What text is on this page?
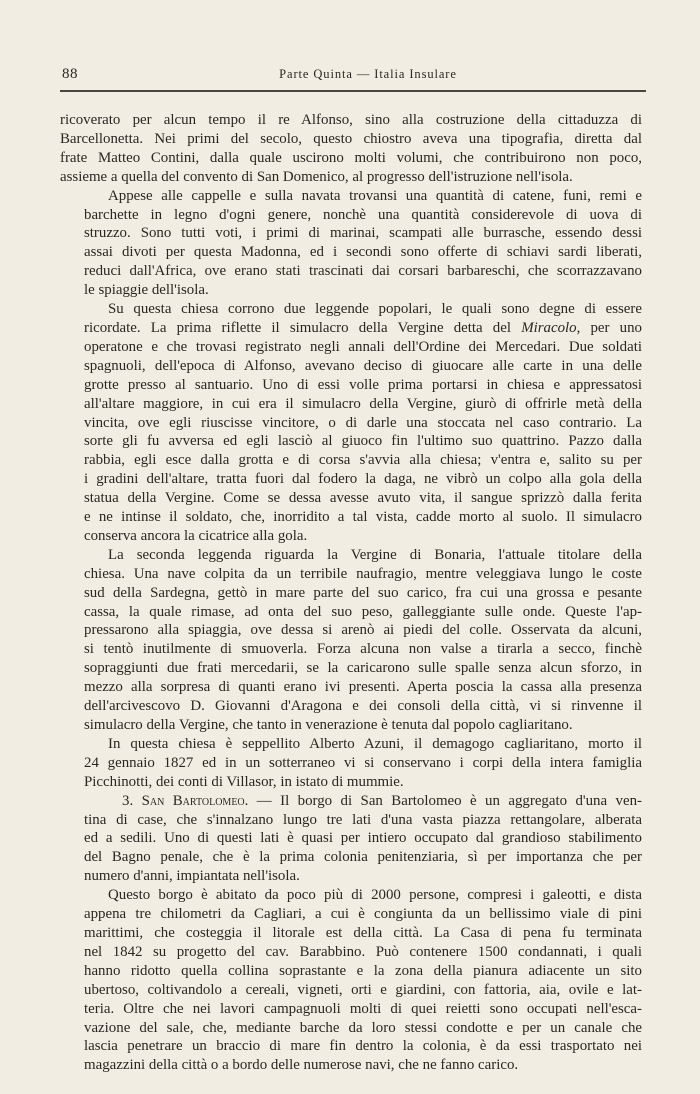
88	Parte Quinta — Italia Insulare

ricoverato per alcun tempo il re Alfonso, sino alla costruzione della cittaduzza di
Barcellonetta. Nei primi del secolo, questo chiostro aveva una tipografia, diretta dal
frate Matteo Contini, dalla quale uscirono molti volumi, che contribuirono non poco,
assieme a quella del convento di San Domenico, al progresso dell'istruzione nell'isola.

Appese alle cappelle e sulla navata trovansi una quantità di catene, funi, remi e
barchette in legno d'ogni genere, nonchè una quantità considerevole di uova di
struzzo. Sono tutti voti, i primi di marinai, scampati alle burrasche, essendo dessi
assai divoti per questa Madonna, ed i secondi sono offerte di schiavi sardi liberati,
reduci dall'Africa, ove erano stati trascinati dai corsari barbareschi, che scorrazzavano
le spiaggie dell'isola.

Su questa chiesa corrono due leggende popolari, le quali sono degne di essere
ricordate. La prima riflette il simulacro della Vergine detta del Miracolo, per uno
operatone e che trovasi registrato negli annali dell'Ordine dei Mercedari. Due soldati
spagnuoli, dell'epoca di Alfonso, avevano deciso di giuocare alle carte in una delle
grotte presso al santuario. Uno di essi volle prima portarsi in chiesa e appressatosi
all'altare maggiore, in cui era il simulacro della Vergine, giurò di offrirle metà della
vincita, ove egli riuscisse vincitore, o di darle una stoccata nel caso contrario. La
sorte gli fu avversa ed egli lasciò al giuoco fin l'ultimo suo quattrino. Pazzo dalla
rabbia, egli esce dalla grotta e di corsa s'avvia alla chiesa; v'entra e, salito su per
i gradini dell'altare, tratta fuori dal fodero la daga, ne vibrò un colpo alla gola della
statua della Vergine. Come se dessa avesse avuto vita, il sangue sprizzò dalla ferita
e ne intinse il soldato, che, inorridito a tal vista, cadde morto al suolo. Il simulacro
conserva ancora la cicatrice alla gola.

La seconda leggenda riguarda la Vergine di Bonaria, l'attuale titolare della
chiesa. Una nave colpita da un terribile naufragio, mentre veleggiava lungo le coste
sud della Sardegna, gettò in mare parte del suo carico, fra cui una grossa e pesante
cassa, la quale rimase, ad onta del suo peso, galleggiante sulle onde. Queste l'ap-
pressarono alla spiaggia, ove dessa si arenò ai piedi del colle. Osservata da alcuni,
si tentò inutilmente di smuoverla. Forza alcuna non valse a tirarla a secco, finchè
sopraggiunti due frati mercedarii, se la caricarono sulle spalle senza alcun sforzo, in
mezzo alla sorpresa di quanti erano ivi presenti. Aperta poscia la cassa alla presenza
dell'arcivescovo D. Giovanni d'Aragona e dei consoli della città, vi si rinvenne il
simulacro della Vergine, che tanto in venerazione è tenuta dal popolo cagliaritano.

In questa chiesa è seppellito Alberto Azuni, il demagogo cagliaritano, morto il
24 gennaio 1827 ed in un sotterraneo vi si conservano i corpi della intera famiglia
Picchinotti, dei conti di Villasor, in istato di mummie.

3. San Bartolomeo. — Il borgo di San Bartolomeo è un aggregato d'una ven-
tina di case, che s'innalzano lungo tre lati d'una vasta piazza rettangolare, alberata
ed a sedili. Uno di questi lati è quasi per intiero occupato dal grandioso stabilimento
del Bagno penale, che è la prima colonia penitenziaria, sì per importanza che per
numero d'anni, impiantata nell'isola.

Questo borgo è abitato da poco più di 2000 persone, compresi i galeotti, e dista
appena tre chilometri da Cagliari, a cui è congiunta da un bellissimo viale di pini
marittimi, che costeggia il litorale est della città. La Casa di pena fu terminata
nel 1842 su progetto del cav. Barabbino. Può contenere 1500 condannati, i quali
hanno ridotto quella collina soprastante e la zona della pianura adiacente un sito
ubertoso, coltivandolo a cereali, vigneti, orti e giardini, con fattoria, aia, ovile e lat-
teria. Oltre che nei lavori campagnuoli molti di quei reietti sono occupati nell'esca-
vazione del sale, che, mediante barche da loro stessi condotte e per un canale che
lascia penetrare un braccio di mare fin dentro la colonia, è da essi trasportato nei
magazzini della città o a bordo delle numerose navi, che ne fanno carico.
